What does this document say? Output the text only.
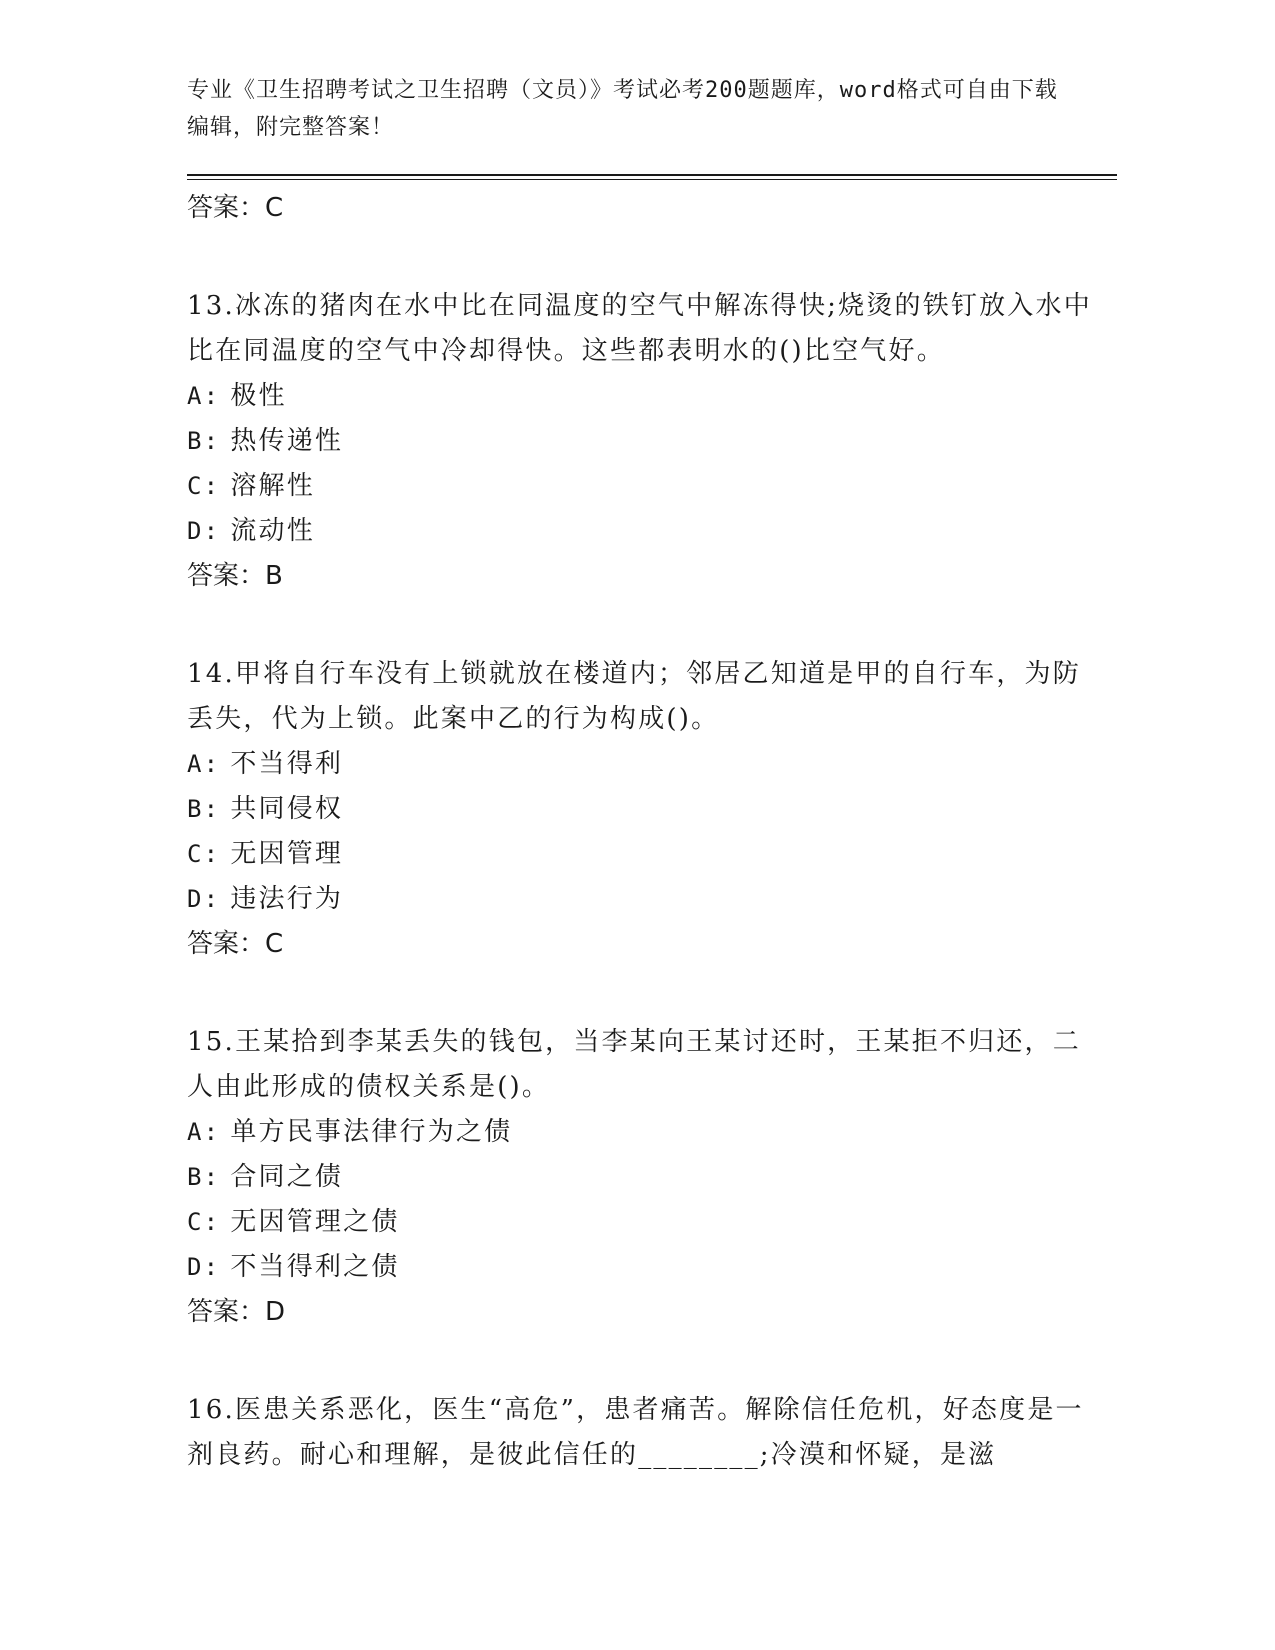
专业《卫生招聘考试之卫生招聘（文员）》考试必考200题题库，word格式可自由下载编辑，附完整答案！
答案：C
13.冰冻的猪肉在水中比在同温度的空气中解冻得快;烧烫的铁钉放入水中比在同温度的空气中冷却得快。这些都表明水的()比空气好。
A: 极性
B: 热传递性
C: 溶解性
D: 流动性
答案：B
14.甲将自行车没有上锁就放在楼道内；邻居乙知道是甲的自行车，为防丢失，代为上锁。此案中乙的行为构成()。
A: 不当得利
B: 共同侵权
C: 无因管理
D: 违法行为
答案：C
15.王某拾到李某丢失的钱包，当李某向王某讨还时，王某拒不归还，二人由此形成的债权关系是()。
A: 单方民事法律行为之债
B: 合同之债
C: 无因管理之债
D: 不当得利之债
答案：D
16.医患关系恶化，医生“高危”，患者痛苦。解除信任危机，好态度是一剂良药。耐心和理解，是彼此信任的________;冷漠和怀疑，是滋
